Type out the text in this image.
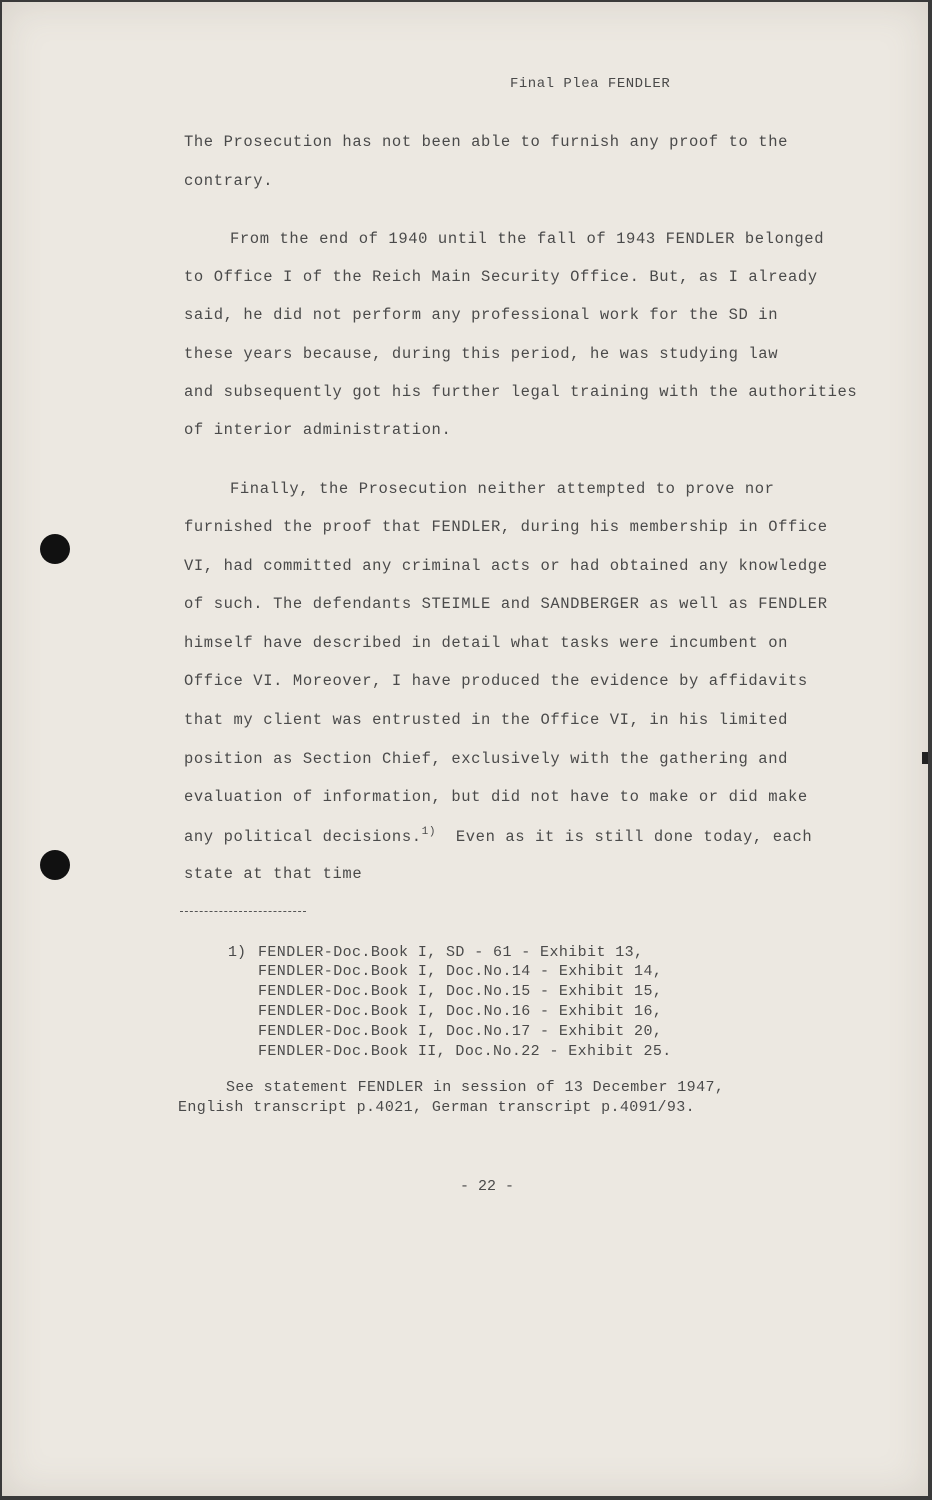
Final Plea FENDLER
The Prosecution has not been able to furnish any proof to the
contrary.
From the end of 1940 until the fall of 1943 FENDLER belonged
to Office I of the Reich Main Security Office. But, as I already
said, he did not perform any professional work for the SD in
these years because, during this period, he was studying law
and subsequently got his further legal training with the authorities
of interior administration.
Finally, the Prosecution neither attempted to prove nor
furnished the proof that FENDLER, during his membership in Office
VI, had committed any criminal acts or had obtained any knowledge
of such. The defendants STEIMLE and SANDBERGER as well as FENDLER
himself have described in detail what tasks were incumbent on
Office VI. Moreover, I have produced the evidence by affidavits
that my client was entrusted in the Office VI, in his limited
position as Section Chief, exclusively with the gathering and
evaluation of information, but did not have to make or did make
any political decisions.$^{1)}$ Even as it is still done today, each
state at that time
1) FENDLER-Doc.Book I, SD - 61 - Exhibit 13,
FENDLER-Doc.Book I, Doc.No.14 - Exhibit 14,
FENDLER-Doc.Book I, Doc.No.15 - Exhibit 15,
FENDLER-Doc.Book I, Doc.No.16 - Exhibit 16,
FENDLER-Doc.Book I, Doc.No.17 - Exhibit 20,
FENDLER-Doc.Book II, Doc.No.22 - Exhibit 25.
See statement FENDLER in session of 13 December 1947,
English transcript p.4021, German transcript p.4091/93.
- 22 -
